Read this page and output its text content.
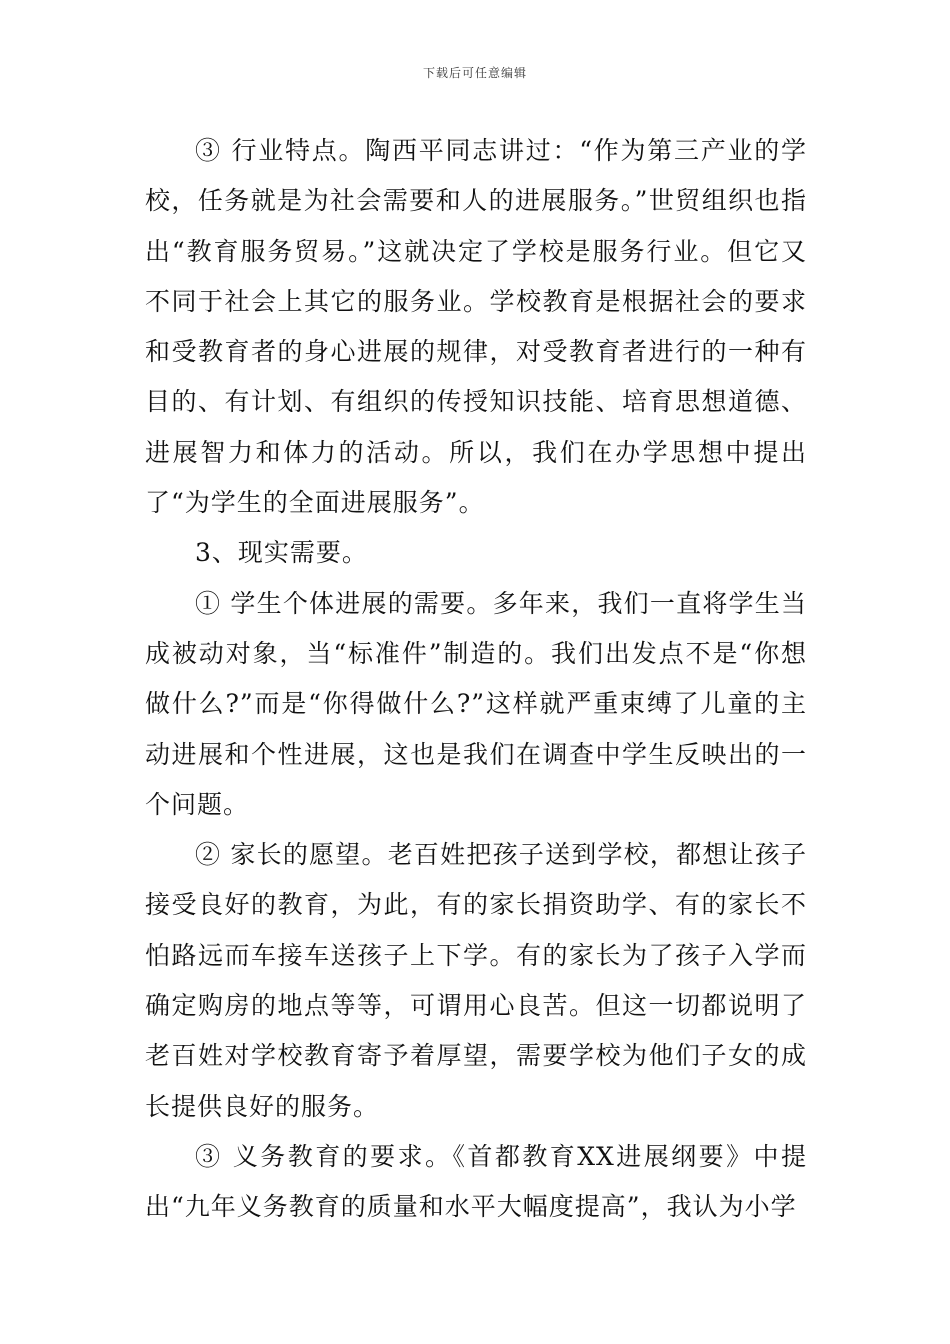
下载后可任意编辑

③ 行业特点。陶西平同志讲过：“作为第三产业的学校，任务就是为社会需要和人的进展服务。”世贸组织也指出“教育服务贸易。”这就决定了学校是服务行业。但它又不同于社会上其它的服务业。学校教育是根据社会的要求和受教育者的身心进展的规律，对受教育者进行的一种有目的、有计划、有组织的传授知识技能、培育思想道德、进展智力和体力的活动。所以，我们在办学思想中提出了“为学生的全面进展服务”。

3、现实需要。

① 学生个体进展的需要。多年来，我们一直将学生当成被动对象，当“标准件”制造的。我们出发点不是“你想做什么?”而是“你得做什么?”这样就严重束缚了儿童的主动进展和个性进展，这也是我们在调查中学生反映出的一个问题。

② 家长的愿望。老百姓把孩子送到学校，都想让孩子接受良好的教育，为此，有的家长捐资助学、有的家长不怕路远而车接车送孩子上下学。有的家长为了孩子入学而确定购房的地点等等，可谓用心良苦。但这一切都说明了老百姓对学校教育寄予着厚望，需要学校为他们子女的成长提供良好的服务。

③ 义务教育的要求。《首都教育XX进展纲要》中提出“九年义务教育的质量和水平大幅度提高”，我认为小学
